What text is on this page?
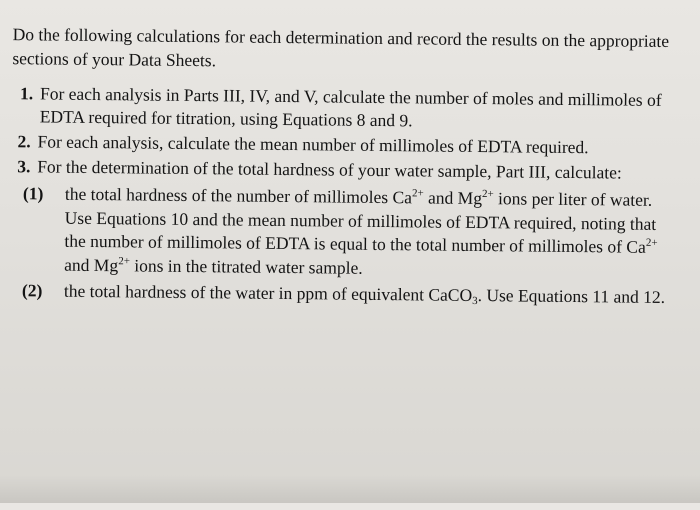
Do the following calculations for each determination and record the results on the appropriate sections of your Data Sheets.

1. For each analysis in Parts III, IV, and V, calculate the number of moles and millimoles of EDTA required for titration, using Equations 8 and 9.
2. For each analysis, calculate the mean number of millimoles of EDTA required.
3. For the determination of the total hardness of your water sample, Part III, calculate:
(1) the total hardness of the number of millimoles $Ca^{2+}$ and $Mg^{2+}$ ions per liter of water. Use Equations 10 and the mean number of millimoles of EDTA required, noting that the number of millimoles of EDTA is equal to the total number of millimoles of $Ca^{2+}$ and $Mg^{2+}$ ions in the titrated water sample.
(2) the total hardness of the water in ppm of equivalent CaCO$_3$. Use Equations 11 and 12.
